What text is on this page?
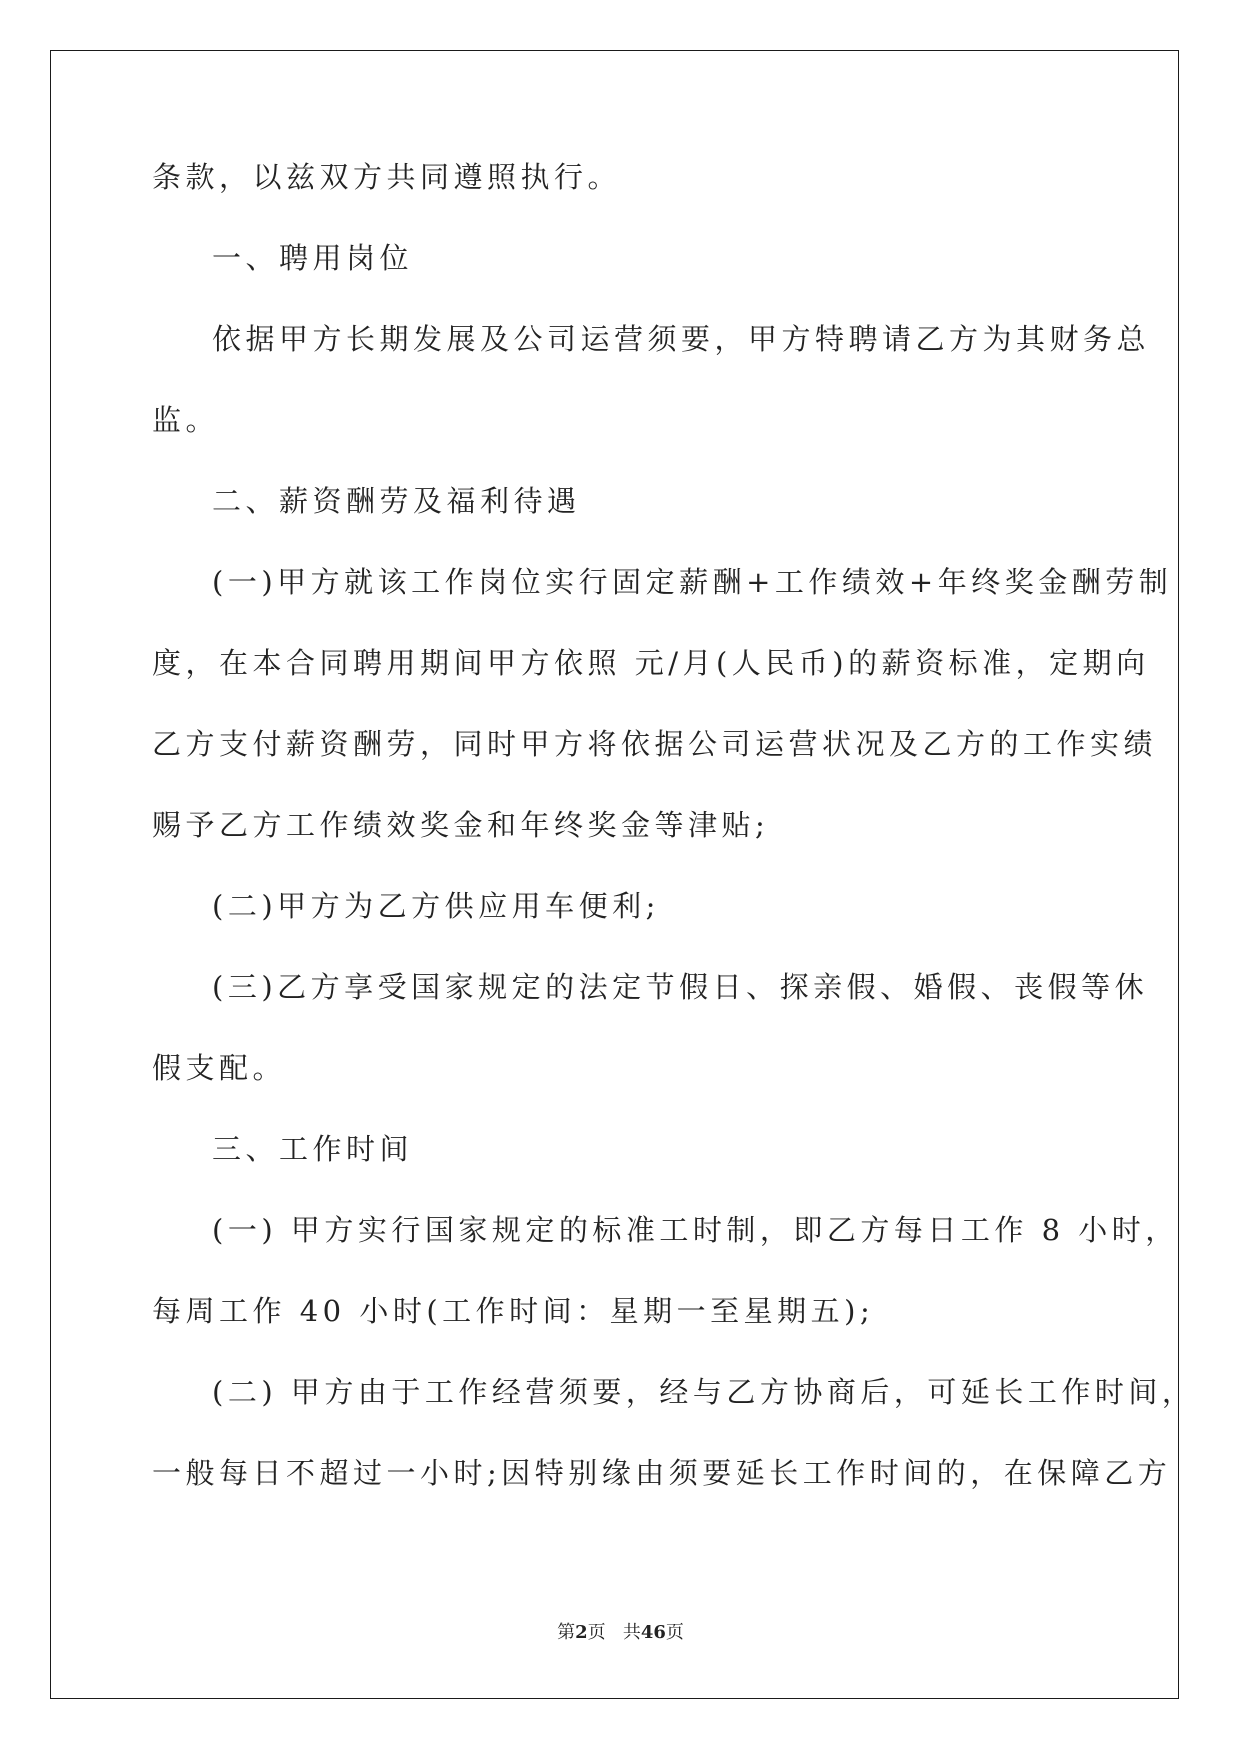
条款，以兹双方共同遵照执行。
一、聘用岗位
依据甲方长期发展及公司运营须要，甲方特聘请乙方为其财务总
监。
二、薪资酬劳及福利待遇
(一)甲方就该工作岗位实行固定薪酬+工作绩效+年终奖金酬劳制
度，在本合同聘用期间甲方依照 元/月(人民币)的薪资标准，定期向
乙方支付薪资酬劳，同时甲方将依据公司运营状况及乙方的工作实绩
赐予乙方工作绩效奖金和年终奖金等津贴;
(二)甲方为乙方供应用车便利;
(三)乙方享受国家规定的法定节假日、探亲假、婚假、丧假等休
假支配。
三、工作时间
(一) 甲方实行国家规定的标准工时制，即乙方每日工作 8 小时，
每周工作 40 小时(工作时间：星期一至星期五);
(二) 甲方由于工作经营须要，经与乙方协商后，可延长工作时间，
一般每日不超过一小时;因特别缘由须要延长工作时间的，在保障乙方
第2页 共46页
